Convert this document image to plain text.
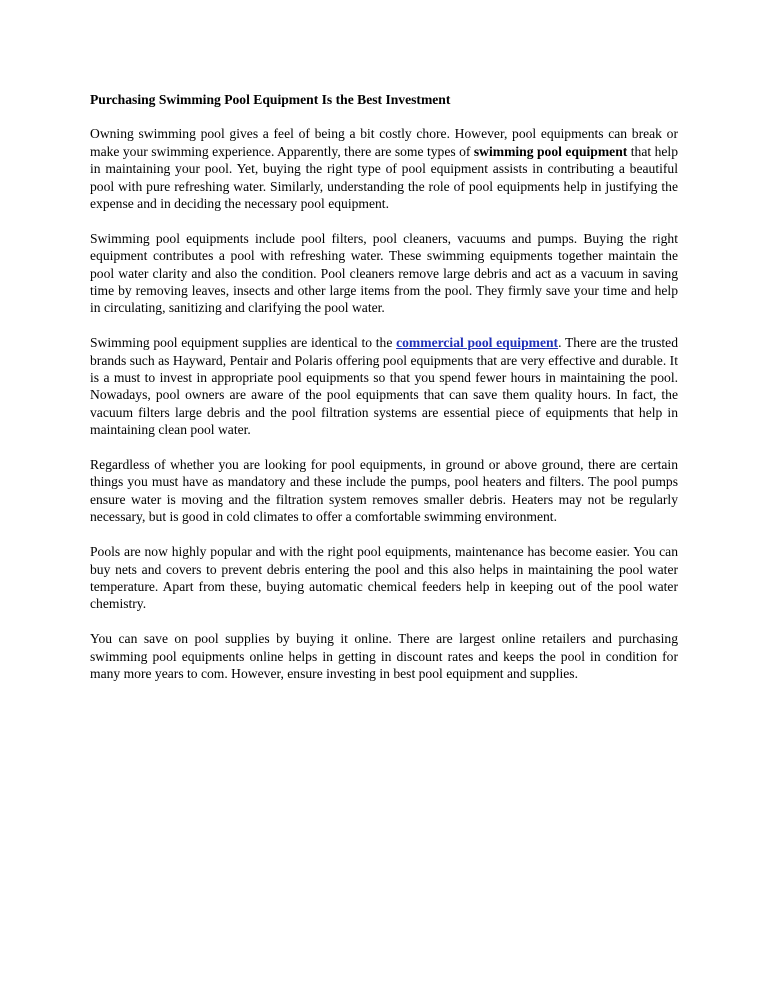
Purchasing Swimming Pool Equipment Is the Best Investment

Owning swimming pool gives a feel of being a bit costly chore. However, pool equipments can break or make your swimming experience. Apparently, there are some types of swimming pool equipment that help in maintaining your pool. Yet, buying the right type of pool equipment assists in contributing a beautiful pool with pure refreshing water. Similarly, understanding the role of pool equipments help in justifying the expense and in deciding the necessary pool equipment.

Swimming pool equipments include pool filters, pool cleaners, vacuums and pumps. Buying the right equipment contributes a pool with refreshing water. These swimming equipments together maintain the pool water clarity and also the condition. Pool cleaners remove large debris and act as a vacuum in saving time by removing leaves, insects and other large items from the pool. They firmly save your time and help in circulating, sanitizing and clarifying the pool water.

Swimming pool equipment supplies are identical to the commercial pool equipment. There are the trusted brands such as Hayward, Pentair and Polaris offering pool equipments that are very effective and durable. It is a must to invest in appropriate pool equipments so that you spend fewer hours in maintaining the pool. Nowadays, pool owners are aware of the pool equipments that can save them quality hours. In fact, the vacuum filters large debris and the pool filtration systems are essential piece of equipments that help in maintaining clean pool water.

Regardless of whether you are looking for pool equipments, in ground or above ground, there are certain things you must have as mandatory and these include the pumps, pool heaters and filters. The pool pumps ensure water is moving and the filtration system removes smaller debris. Heaters may not be regularly necessary, but is good in cold climates to offer a comfortable swimming environment.

Pools are now highly popular and with the right pool equipments, maintenance has become easier. You can buy nets and covers to prevent debris entering the pool and this also helps in maintaining the pool water temperature. Apart from these, buying automatic chemical feeders help in keeping out of the pool water chemistry.

You can save on pool supplies by buying it online. There are largest online retailers and purchasing swimming pool equipments online helps in getting in discount rates and keeps the pool in condition for many more years to com. However, ensure investing in best pool equipment and supplies.
